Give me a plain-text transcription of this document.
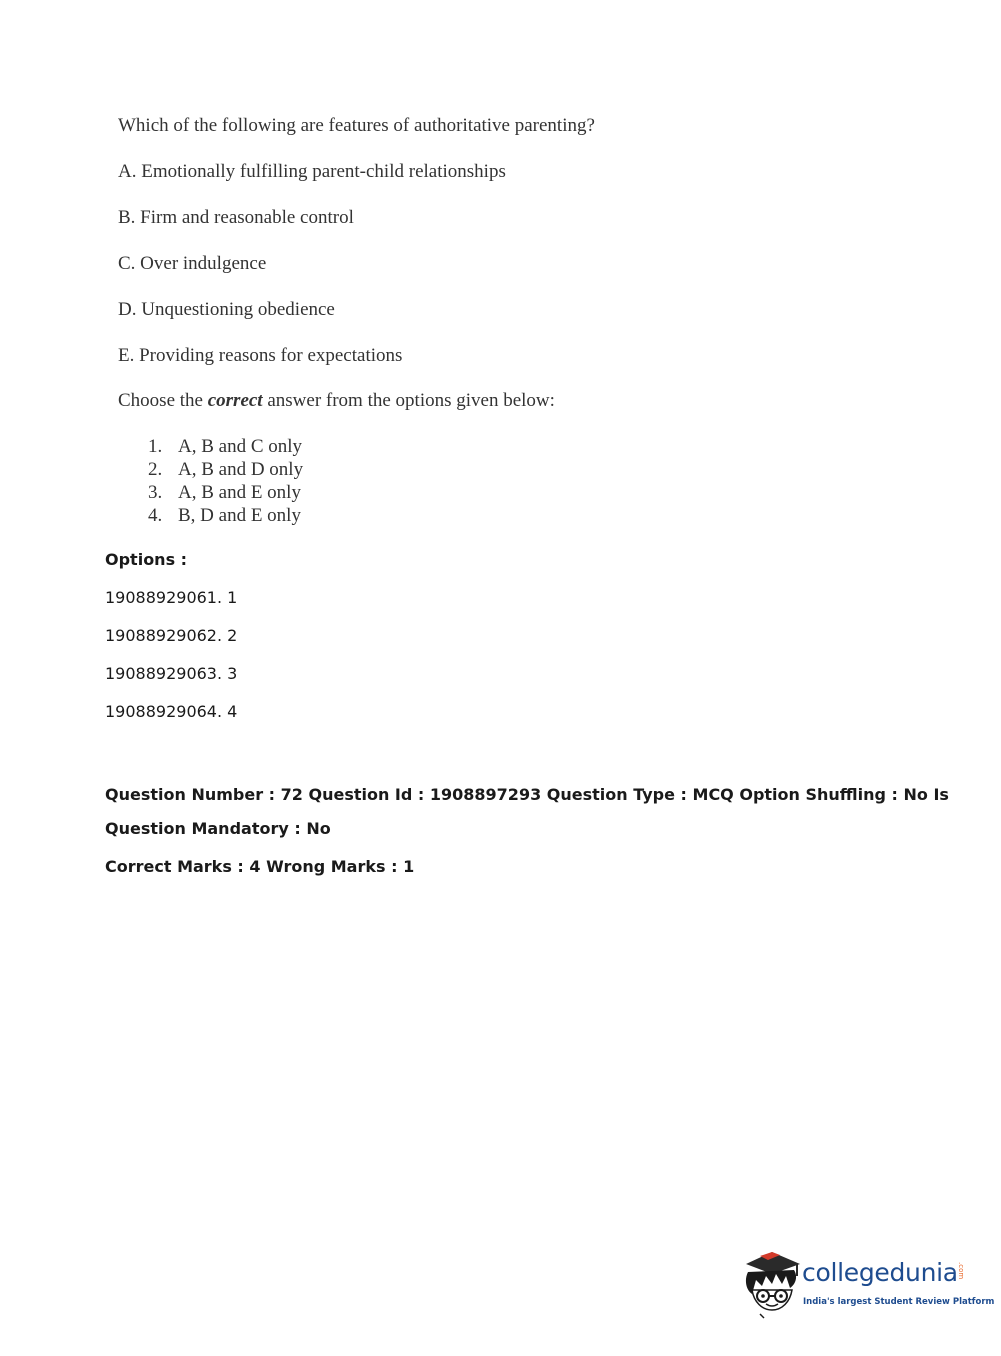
Which of the following are features of authoritative parenting?
A. Emotionally fulfilling parent-child relationships
B. Firm and reasonable control
C. Over indulgence
D. Unquestioning obedience
E. Providing reasons for expectations
Choose the correct answer from the options given below:
1. A, B and C only
2. A, B and D only
3. A, B and E only
4. B, D and E only
Options :
19088929061. 1
19088929062. 2
19088929063. 3
19088929064. 4
Question Number : 72 Question Id : 1908897293 Question Type : MCQ Option Shuffling : No Is
Question Mandatory : No
Correct Marks : 4 Wrong Marks : 1
collegedunia .com
India's largest Student Review Platform
